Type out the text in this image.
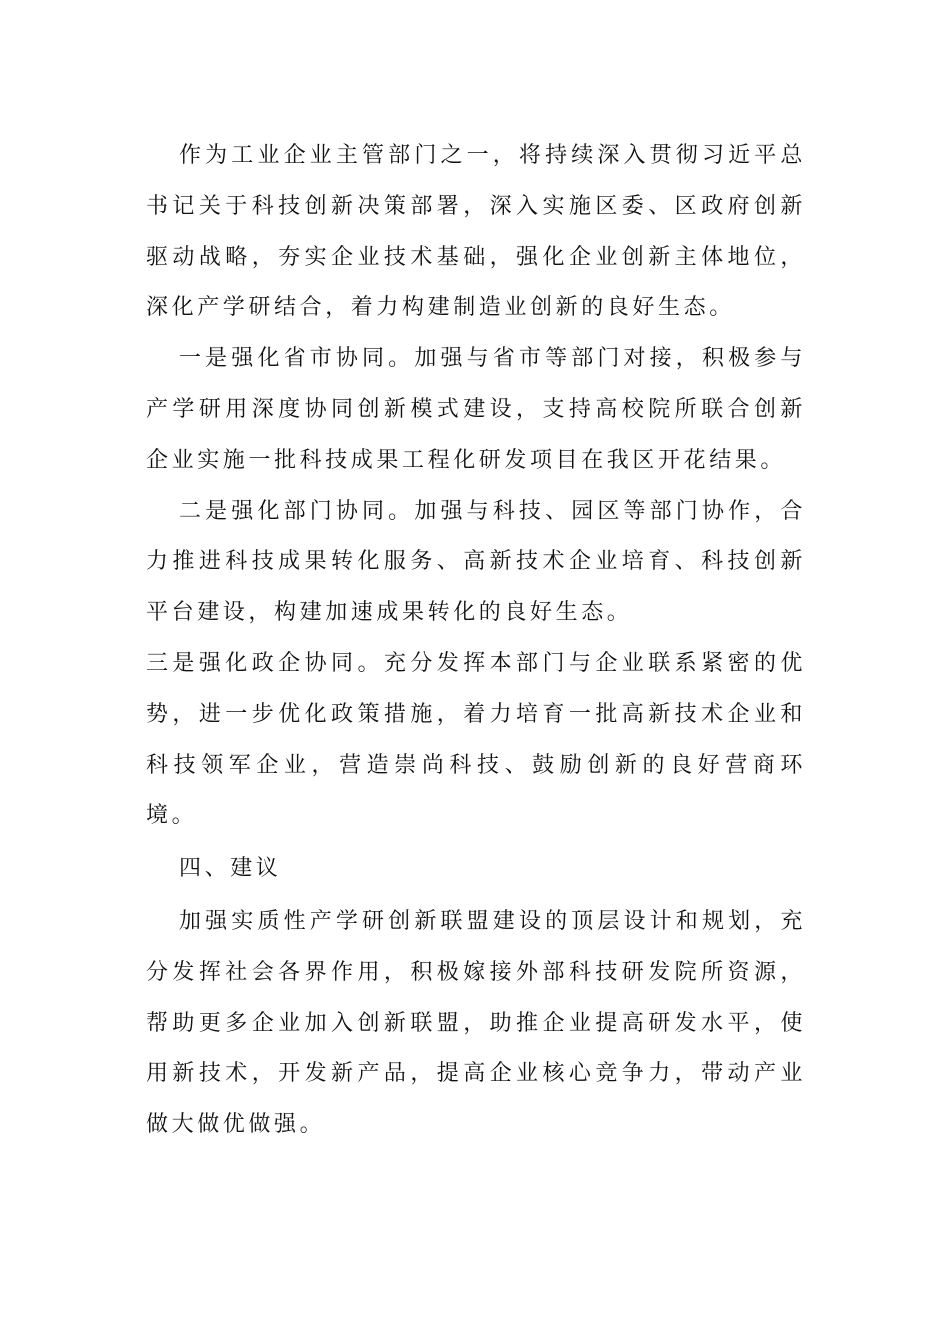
作为工业企业主管部门之一，将持续深入贯彻习近平总书记关于科技创新决策部署，深入实施区委、区政府创新驱动战略，夯实企业技术基础，强化企业创新主体地位，深化产学研结合，着力构建制造业创新的良好生态。

一是强化省市协同。加强与省市等部门对接，积极参与产学研用深度协同创新模式建设，支持高校院所联合创新企业实施一批科技成果工程化研发项目在我区开花结果。

二是强化部门协同。加强与科技、园区等部门协作，合力推进科技成果转化服务、高新技术企业培育、科技创新平台建设，构建加速成果转化的良好生态。

三是强化政企协同。充分发挥本部门与企业联系紧密的优势，进一步优化政策措施，着力培育一批高新技术企业和科技领军企业，营造崇尚科技、鼓励创新的良好营商环境。

四、建议

加强实质性产学研创新联盟建设的顶层设计和规划，充分发挥社会各界作用，积极嫁接外部科技研发院所资源，帮助更多企业加入创新联盟，助推企业提高研发水平，使用新技术，开发新产品，提高企业核心竞争力，带动产业做大做优做强。
